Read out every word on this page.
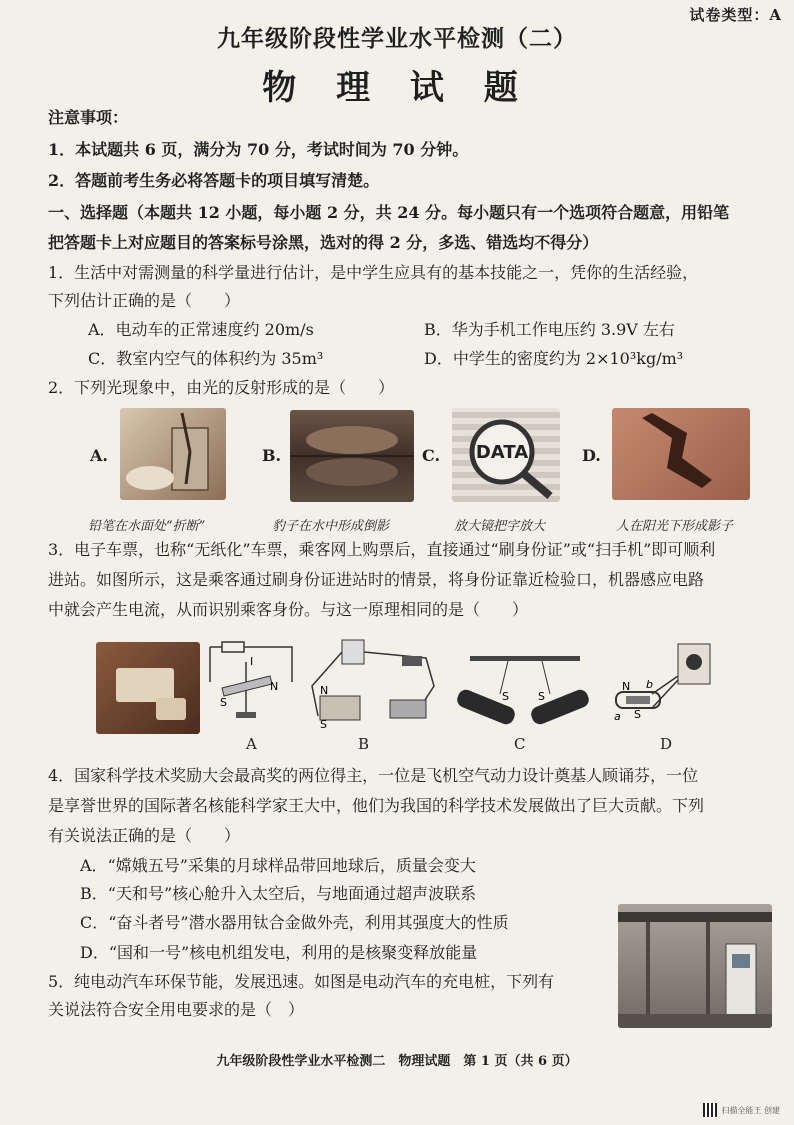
试卷类型：A
九年级阶段性学业水平检测（二）
物 理 试 题
注意事项：
1．本试题共 6 页，满分为 70 分，考试时间为 70 分钟。
2．答题前考生务必将答题卡的项目填写清楚。
一、选择题（本题共 12 小题，每小题 2 分，共 24 分。每小题只有一个选项符合题意，用铅笔
把答题卡上对应题目的答案标号涂黑，选对的得 2 分，多选、错选均不得分）
1．生活中对需测量的科学量进行估计，是中学生应具有的基本技能之一，凭你的生活经验，
下列估计正确的是（　　）
A．电动车的正常速度约 20m/s	B．华为手机工作电压约 3.9V 左右
C．教室内空气的体积约为 35m³	D．中学生的密度约为 2×10³kg/m³
2．下列光现象中，由光的反射形成的是（　　）
A.	B.	C. DATA	D.
铅笔在水面处“折断”	豹子在水中形成倒影	放大镜把字放大	人在阳光下形成影子
3．电子车票，也称“无纸化”车票，乘客网上购票后，直接通过“刷身份证”或“扫手机”即可顺利
进站。如图所示，这是乘客通过刷身份证进站时的情景，将身份证靠近检验口，机器感应电路
中就会产生电流，从而识别乘客身份。与这一原理相同的是（　　）
S
N
I
N
S
S	S
N
S
a
b
A	B	C	D
4．国家科学技术奖励大会最高奖的两位得主，一位是飞机空气动力设计奠基人顾诵芬，一位
是享誉世界的国际著名核能科学家王大中，他们为我国的科学技术发展做出了巨大贡献。下列
有关说法正确的是（　　）
A．“嫦娥五号”采集的月球样品带回地球后，质量会变大
B．“天和号”核心舱升入太空后，与地面通过超声波联系
C．“奋斗者号”潜水器用钛合金做外壳，利用其强度大的性质
D．“国和一号”核电机组发电，利用的是核聚变释放能量
5．纯电动汽车环保节能，发展迅速。如图是电动汽车的充电桩，下列有
关说法符合安全用电要求的是（　）
九年级阶段性学业水平检测二　物理试题　第 1 页（共 6 页）
扫描全能王 创建
